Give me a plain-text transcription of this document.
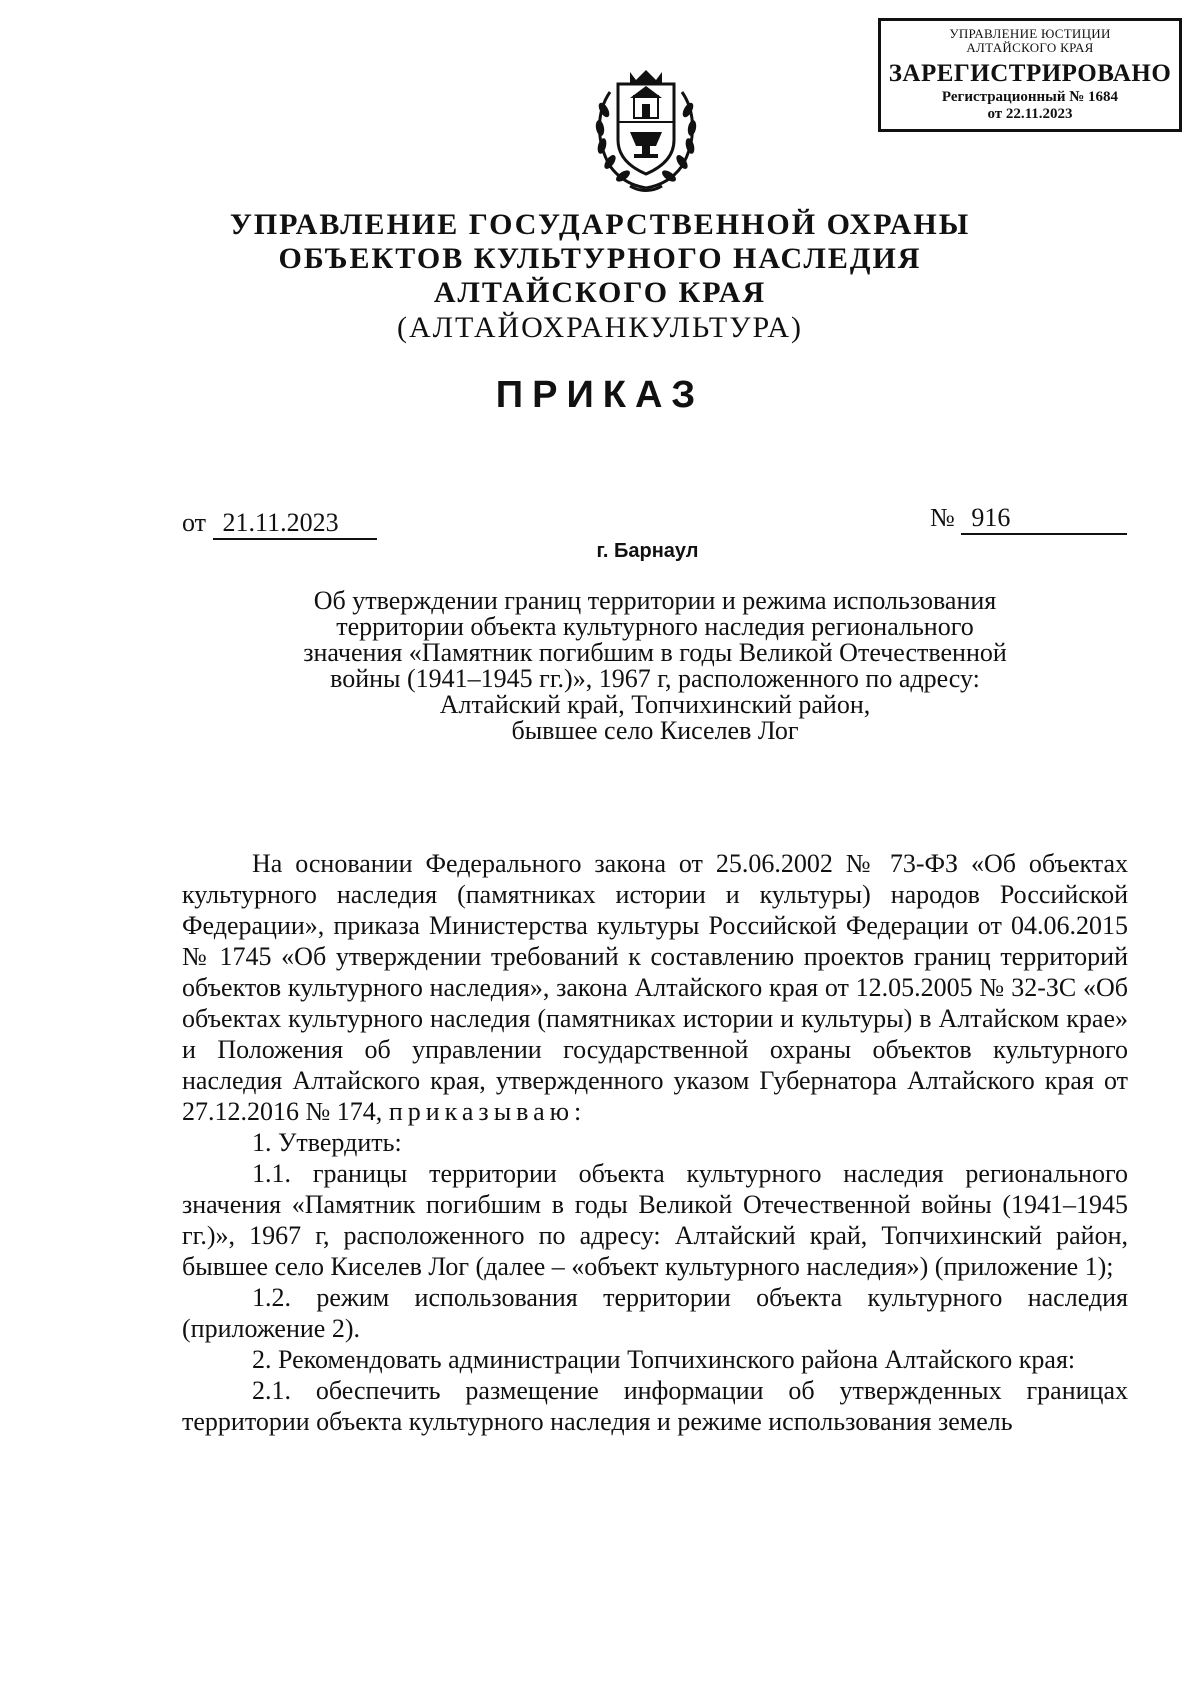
УПРАВЛЕНИЕ ЮСТИЦИИ
АЛТАЙСКОГО КРАЯ
ЗАРЕГИСТРИРОВАНО
Регистрационный № 1684
от 22.11.2023
УПРАВЛЕНИЕ ГОСУДАРСТВЕННОЙ ОХРАНЫ
ОБЪЕКТОВ КУЛЬТУРНОГО НАСЛЕДИЯ
АЛТАЙСКОГО КРАЯ
(АЛТАЙОХРАНКУЛЬТУРА)
ПРИКАЗ
от 21.11.2023	№ 916
г. Барнаул
Об утверждении границ территории и режима использования
территории объекта культурного наследия регионального
значения «Памятник погибшим в годы Великой Отечественной
войны (1941–1945 гг.)», 1967 г, расположенного по адресу:
Алтайский край, Топчихинский район,
бывшее село Киселев Лог

На основании Федерального закона от 25.06.2002 № 73-ФЗ «Об объектах культурного наследия (памятниках истории и культуры) народов Российской Федерации», приказа Министерства культуры Российской Федерации от 04.06.2015 № 1745 «Об утверждении требований к составлению проектов границ территорий объектов культурного наследия», закона Алтайского края от 12.05.2005 № 32-ЗС «Об объектах культурного наследия (памятниках истории и культуры) в Алтайском крае» и Положения об управлении государственной охраны объектов культурного наследия Алтайского края, утвержденного указом Губернатора Алтайского края от 27.12.2016 № 174, приказываю:

1. Утвердить:

1.1. границы территории объекта культурного наследия регионального значения «Памятник погибшим в годы Великой Отечественной войны (1941–1945 гг.)», 1967 г, расположенного по адресу: Алтайский край, Топчихинский район, бывшее село Киселев Лог (далее – «объект культурного наследия») (приложение 1);

1.2. режим использования территории объекта культурного наследия (приложение 2).

2. Рекомендовать администрации Топчихинского района Алтайского края:

2.1. обеспечить размещение информации об утвержденных границах территории объекта культурного наследия и режиме использования земель
